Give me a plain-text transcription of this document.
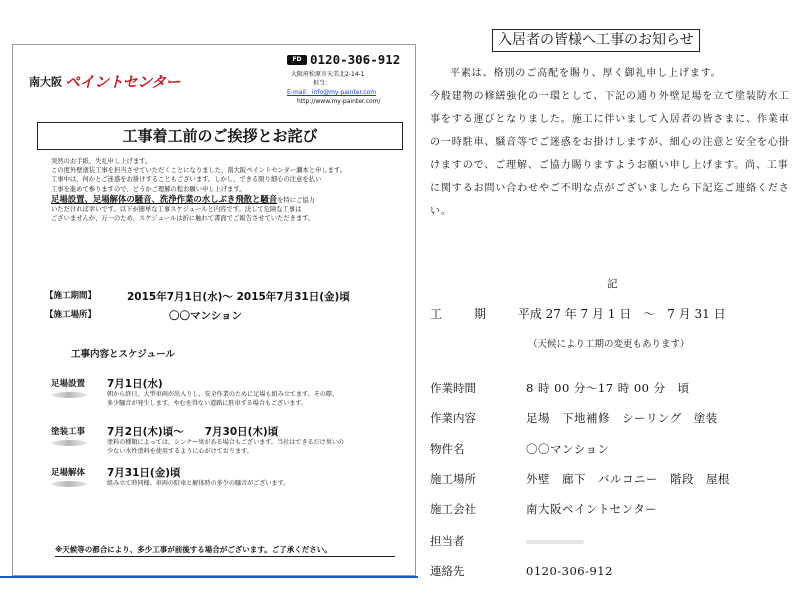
南大阪 ペイントセンター
FD 0120-306-912
大阪府松原市天美北2-14-1
担当：
E-mail：info@my-painter.com
http://www.my-painter.com/
工事着工前のご挨拶とお詫び
突然のお手紙、失礼申し上げます。
この度外壁塗装工事を担当させていただくことになりました、南大阪ペイントセンター瀬本と申します。
工事中は、何かとご迷惑をお掛けすることもございます。しかし、できる限り細心の注意を払い
工事を進めて参りますので、どうかご理解の程お願い申し上げます。
足場設置、足場解体の騒音、洗浄作業の水しぶき飛散と騒音を特にご協力
いただければ幸いです。以下が簡単な工事スケジュールと内容です。決して危険な工事は
ございませんが、万一のため、スケジュールは折に触れて書面でご報告させていただきます。
【施工期間】	2015年7月1日(水)～ 2015年7月31日(金)頃
【施工場所】	〇〇マンション
工事内容とスケジュール
足場設置 7月1日(水)
朝から終日、大型車両が出入りし、安全作業のために足場も組み立てます。その際、
多少騒音が発生します。やむを得ない道路に駐車する場合もございます。
塗装工事 7月2日(木)頃～　　7月30日(木)頃
塗料の種類によっては、シンナー臭がある場合もございます。当社はできるだけ臭いの
少ない水性塗料を使用するように心がけております。
足場解体 7月31日(金)頃
組み立て時同様、車両の駐車と解体時の多少の騒音がございます。
※天候等の都合により、多少工事が前後する場合がございます。ご了承ください。
入居者の皆様へ工事のお知らせ

平素は、格別のご高配を賜り、厚く御礼申し上げます。

今般建物の修繕強化の一環として、下記の通り外壁足場を立て塗装防水工事をする運びとなりました。施工に伴いまして入居者の皆さまに、作業車の一時駐車、騒音等でご迷惑をお掛けしますが、細心の注意と安全を心掛けますので、ご理解、ご協力賜りますようお願い申し上げます。尚、工事に関するお問い合わせやご不明な点がございましたら下記迄ご連絡ください。

記
工　期 平成 27 年 7 月 1 日　～　7 月 31 日
（天候により工期の変更もあります）
作業時間	8 時 00 分～17 時 00 分　頃
作業内容	足場　下地補修　シーリング　塗装
物件名	〇〇マンション
施工場所	外壁　廊下　バルコニー　階段　屋根
施工会社	南大阪ペイントセンター
担当者
連絡先	0120-306-912
